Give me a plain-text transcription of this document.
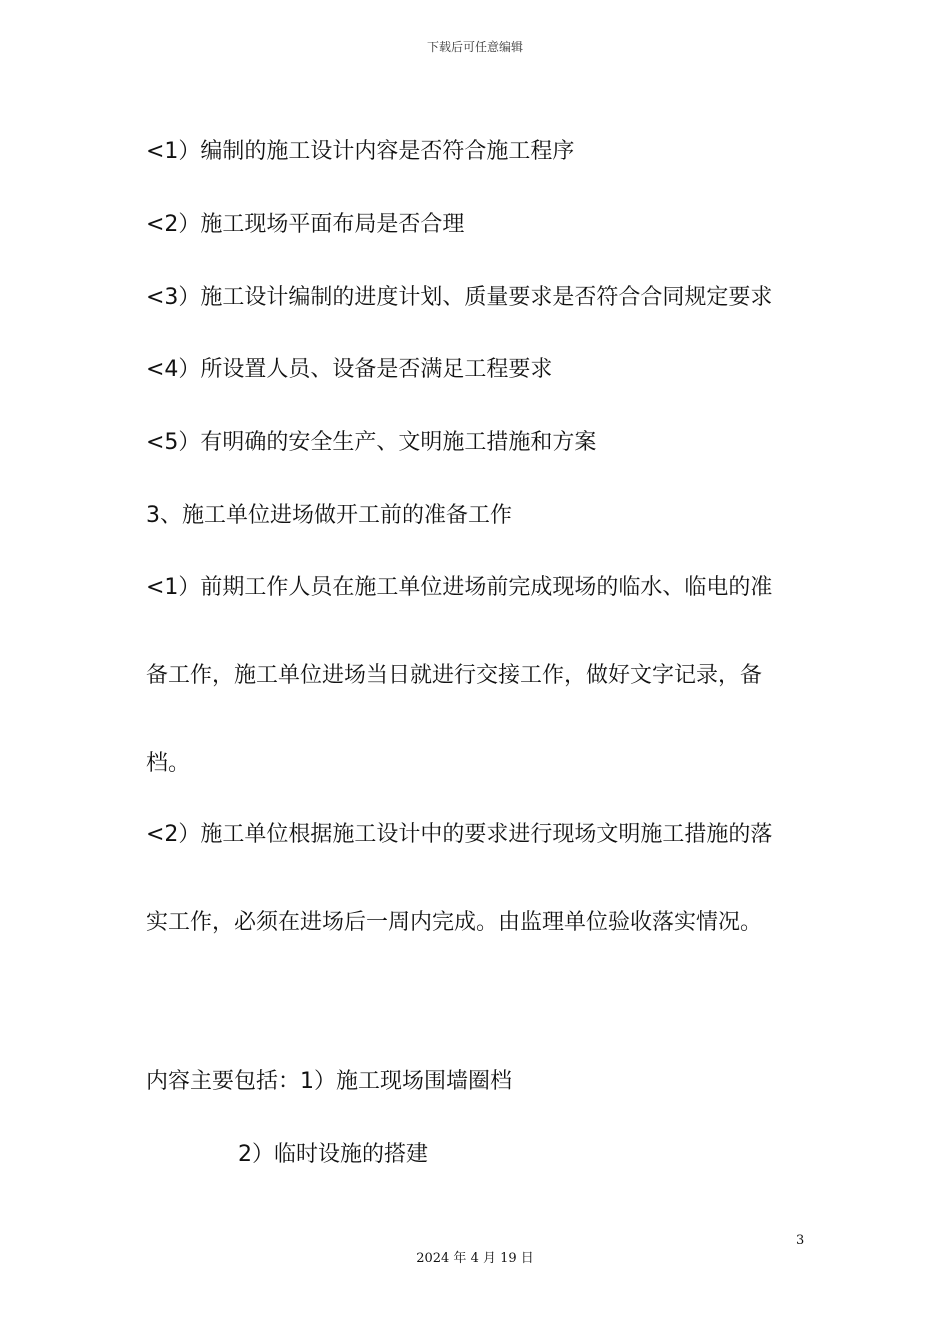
下载后可任意编辑
<1）编制的施工设计内容是否符合施工程序
<2）施工现场平面布局是否合理
<3）施工设计编制的进度计划、质量要求是否符合合同规定要求
<4）所设置人员、设备是否满足工程要求
<5）有明确的安全生产、文明施工措施和方案
3、施工单位进场做开工前的准备工作
<1）前期工作人员在施工单位进场前完成现场的临水、临电的准
备工作，施工单位进场当日就进行交接工作，做好文字记录，备
档。
<2）施工单位根据施工设计中的要求进行现场文明施工措施的落
实工作，必须在进场后一周内完成。由监理单位验收落实情况。
内容主要包括：1）施工现场围墙圈档
2）临时设施的搭建
3
2024 年 4 月 19 日
